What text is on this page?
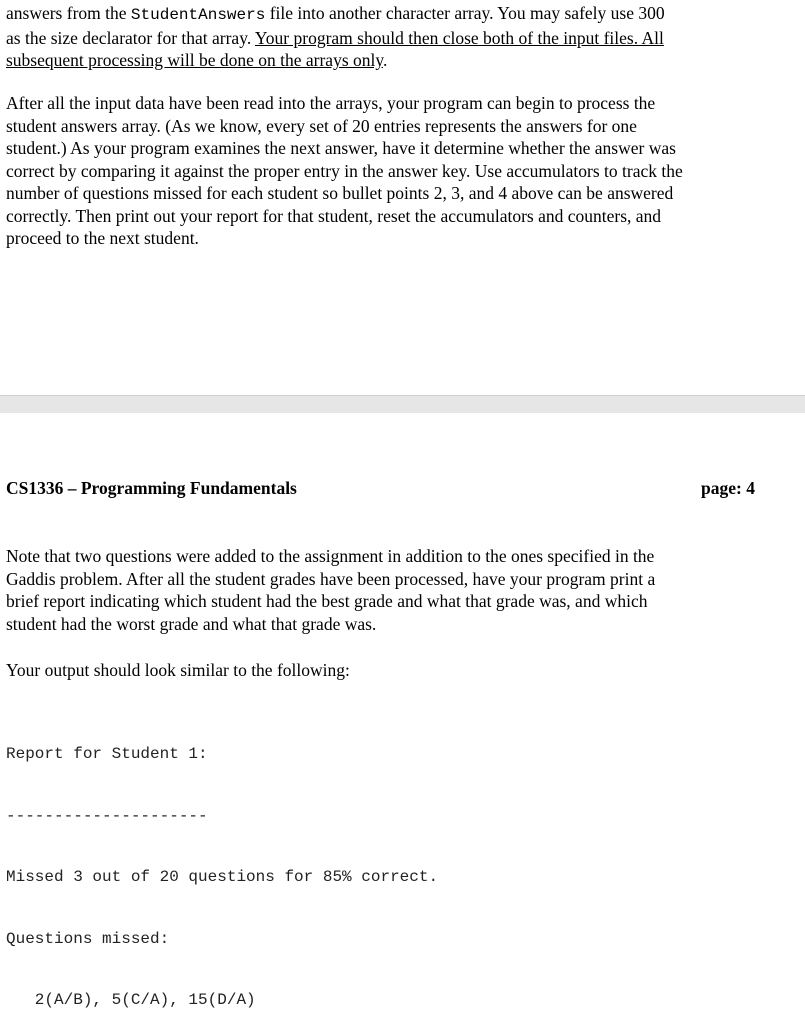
answers from the StudentAnswers file into another character array. You may safely use 300
as the size declarator for that array. Your program should then close both of the input files. All
subsequent processing will be done on the arrays only.
After all the input data have been read into the arrays, your program can begin to process the
student answers array. (As we know, every set of 20 entries represents the answers for one
student.) As your program examines the next answer, have it determine whether the answer was
correct by comparing it against the proper entry in the answer key. Use accumulators to track the
number of questions missed for each student so bullet points 2, 3, and 4 above can be answered
correctly. Then print out your report for that student, reset the accumulators and counters, and
proceed to the next student.
CS1336 – Programming Fundamentals	page: 4
Note that two questions were added to the assignment in addition to the ones specified in the
Gaddis problem. After all the student grades have been processed, have your program print a
brief report indicating which student had the best grade and what that grade was, and which
student had the worst grade and what that grade was.
Your output should look similar to the following:

Report for Student 1:

---------------------

Missed 3 out of 20 questions for 85% correct.

Questions missed:

2(A/B), 5(C/A), 15(D/A)
